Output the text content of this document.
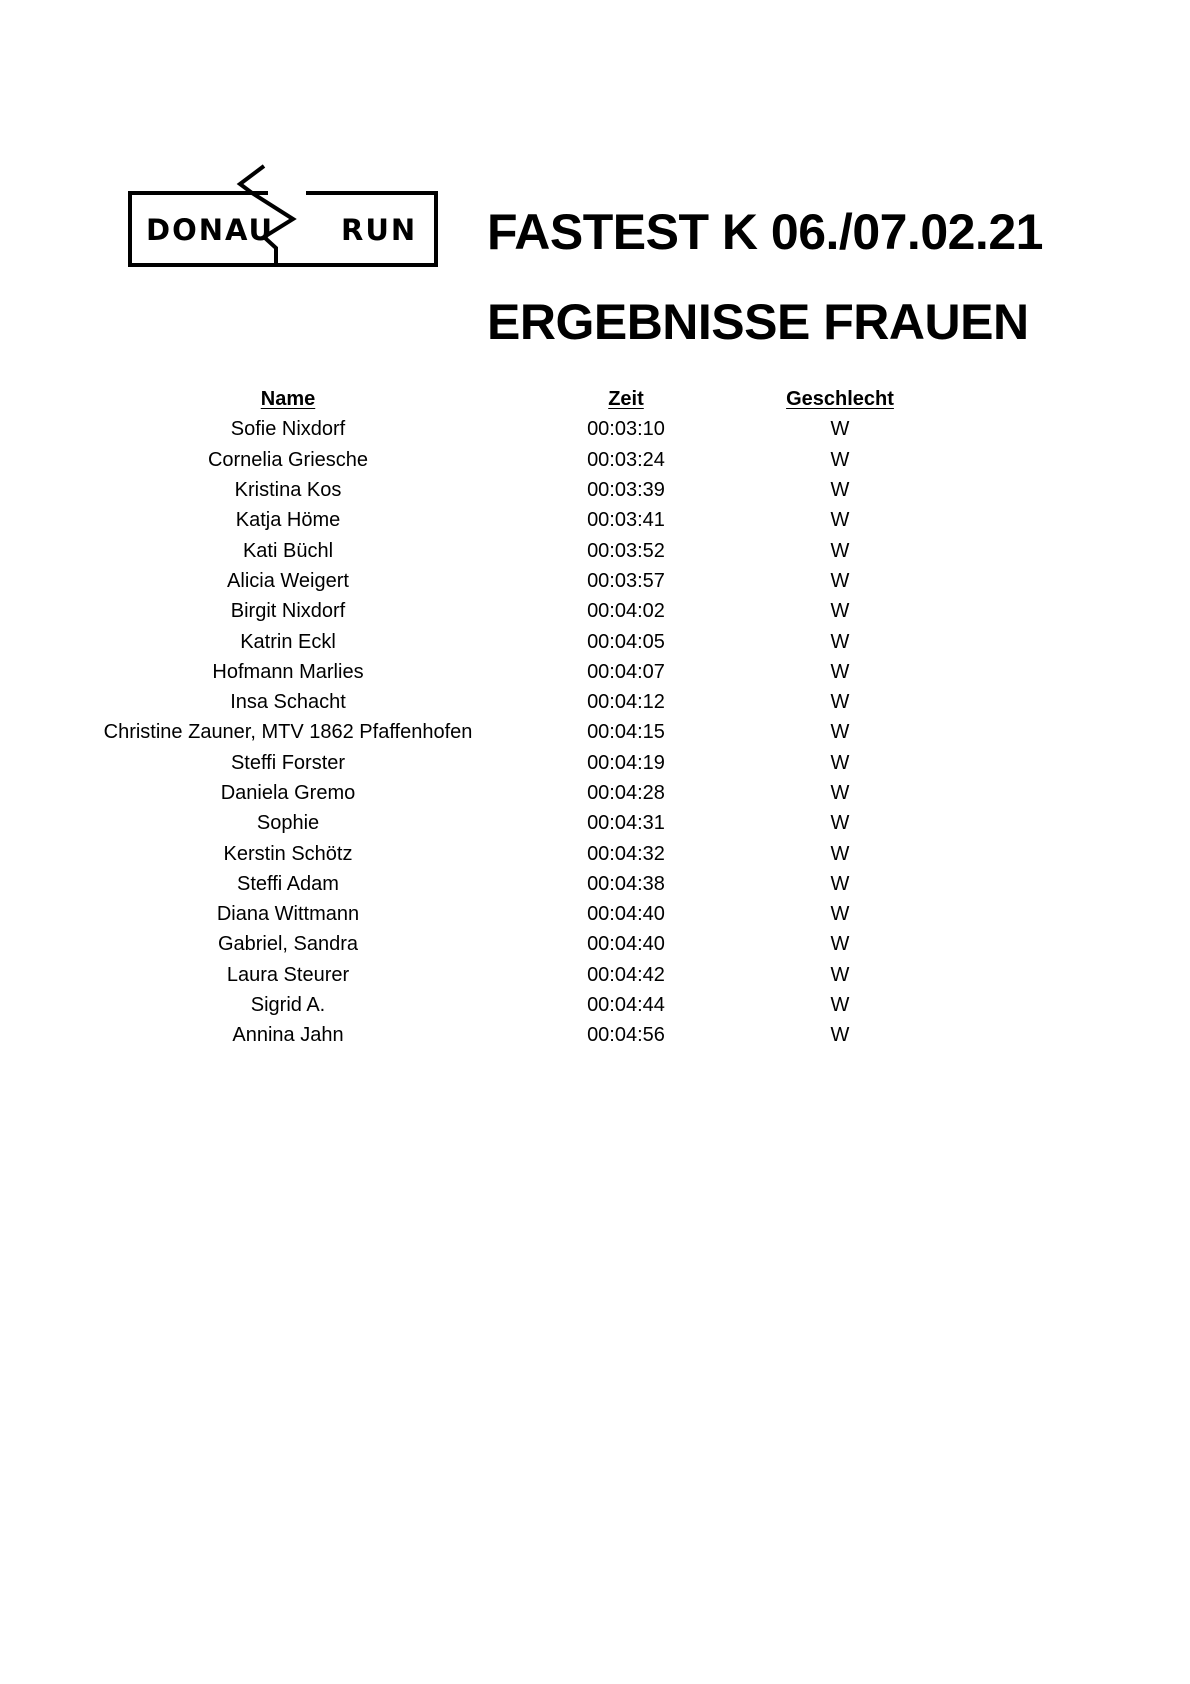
DONAU RUN FASTEST K 06./07.02.21
ERGEBNISSE FRAUEN
Name	Zeit	Geschlecht
Sofie Nixdorf	00:03:10	W
Cornelia Griesche	00:03:24	W
Kristina Kos	00:03:39	W
Katja Höme	00:03:41	W
Kati Büchl	00:03:52	W
Alicia Weigert	00:03:57	W
Birgit Nixdorf	00:04:02	W
Katrin Eckl	00:04:05	W
Hofmann Marlies	00:04:07	W
Insa Schacht	00:04:12	W
Christine Zauner, MTV 1862 Pfaffenhofen	00:04:15	W
Steffi Forster	00:04:19	W
Daniela Gremo	00:04:28	W
Sophie	00:04:31	W
Kerstin Schötz	00:04:32	W
Steffi Adam	00:04:38	W
Diana Wittmann	00:04:40	W
Gabriel, Sandra	00:04:40	W
Laura Steurer	00:04:42	W
Sigrid A.	00:04:44	W
Annina Jahn	00:04:56	W
